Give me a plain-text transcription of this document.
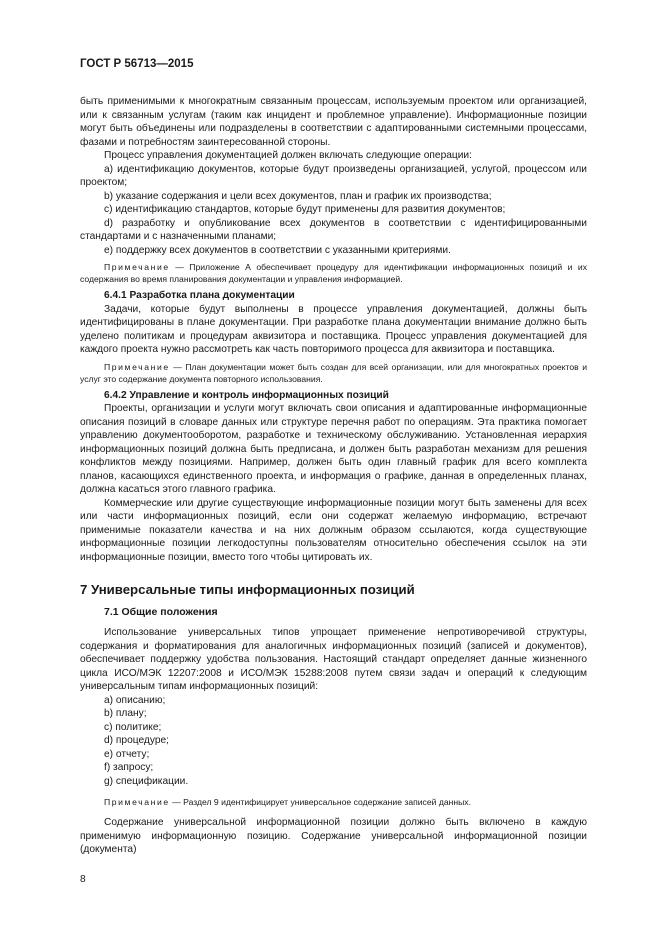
ГОСТ Р 56713—2015

быть применимыми к многократным связанным процессам, используемым проектом или организацией, или к связанным услугам (таким как инцидент и проблемное управление). Информационные позиции могут быть объединены или подразделены в соответствии с адаптированными системными процессами, фазами и потребностям заинтересованной стороны.

Процесс управления документацией должен включать следующие операции:

a) идентификацию документов, которые будут произведены организацией, услугой, процессом или проектом;

b) указание содержания и цели всех документов, план и график их производства;

c) идентификацию стандартов, которые будут применены для развития документов;

d) разработку и опубликование всех документов в соответствии с идентифицированными стандартами и с назначенными планами;

e) поддержку всех документов в соответствии с указанными критериями.

Примечание — Приложение А обеспечивает процедуру для идентификации информационных позиций и их содержания во время планирования документации и управления информацией.

6.4.1 Разработка плана документации

Задачи, которые будут выполнены в процессе управления документацией, должны быть идентифицированы в плане документации. При разработке плана документации внимание должно быть уделено политикам и процедурам аквизитора и поставщика. Процесс управления документацией для каждого проекта нужно рассмотреть как часть повторимого процесса для аквизитора и поставщика.

Примечание — План документации может быть создан для всей организации, или для многократных проектов и услуг это содержание документа повторного использования.

6.4.2 Управление и контроль информационных позиций

Проекты, организации и услуги могут включать свои описания и адаптированные информационные описания позиций в словаре данных или структуре перечня работ по операциям. Эта практика помогает управлению документооборотом, разработке и техническому обслуживанию. Установленная иерархия информационных позиций должна быть предписана, и должен быть разработан механизм для решения конфликтов между позициями. Например, должен быть один главный график для всего комплекта планов, касающихся единственного проекта, и информация о графике, данная в определенных планах, должна касаться этого главного графика.

Коммерческие или другие существующие информационные позиции могут быть заменены для всех или части информационных позиций, если они содержат желаемую информацию, встречают применимые показатели качества и на них должным образом ссылаются, когда существующие информационные позиции легкодоступны пользователям относительно обеспечения ссылок на эти информационные позиции, вместо того чтобы цитировать их.

7 Универсальные типы информационных позиций
7.1 Общие положения

Использование универсальных типов упрощает применение непротиворечивой структуры, содержания и форматирования для аналогичных информационных позиций (записей и документов), обеспечивает поддержку удобства пользования. Настоящий стандарт определяет данные жизненного цикла ИСО/МЭК 12207:2008 и ИСО/МЭК 15288:2008 путем связи задач и операций к следующим универсальным типам информационных позиций:

a) описанию;
b) плану;
c) политике;
d) процедуре;
e) отчету;
f) запросу;
g) спецификации.

Примечание — Раздел 9 идентифицирует универсальное содержание записей данных.

Содержание универсальной информационной позиции должно быть включено в каждую применимую информационную позицию. Содержание универсальной информационной позиции (документа)

8
